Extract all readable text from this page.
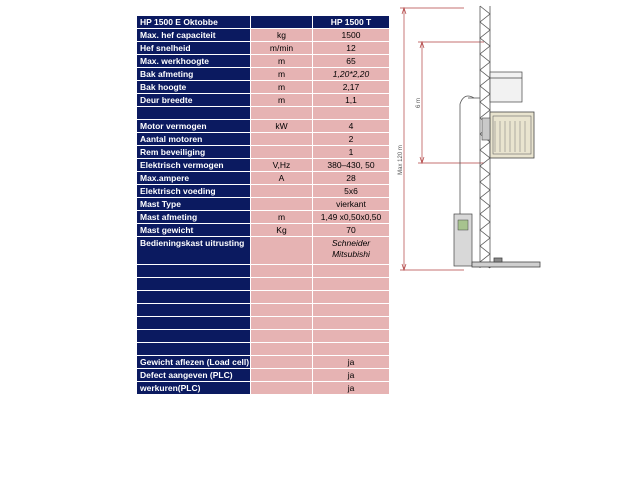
HP 1500 E Oktobbe		HP 1500 T
Max. hef capaciteit	kg	1500
Hef snelheid	m/min	12
Max. werkhoogte	m	65
Bak afmeting	m	1,20*2,20
Bak hoogte	m	2,17
Deur breedte	m	1,1

Motor vermogen	kW	4
Aantal motoren		2
Rem beveiliging		1
Elektrisch vermogen	V,Hz	380–430, 50
Max.ampere	A	28
Elektrisch voeding		5x6
Mast Type		vierkant
Mast afmeting	m	1,49 x0,50x0,50
Mast gewicht	Kg	70
Bedieningskast uitrusting		Schneider
Mitsubishi

Gewicht aflezen (Load cell)		ja
Defect aangeven (PLC)		ja
werkuren(PLC)		ja
Max 120 m
6 m
